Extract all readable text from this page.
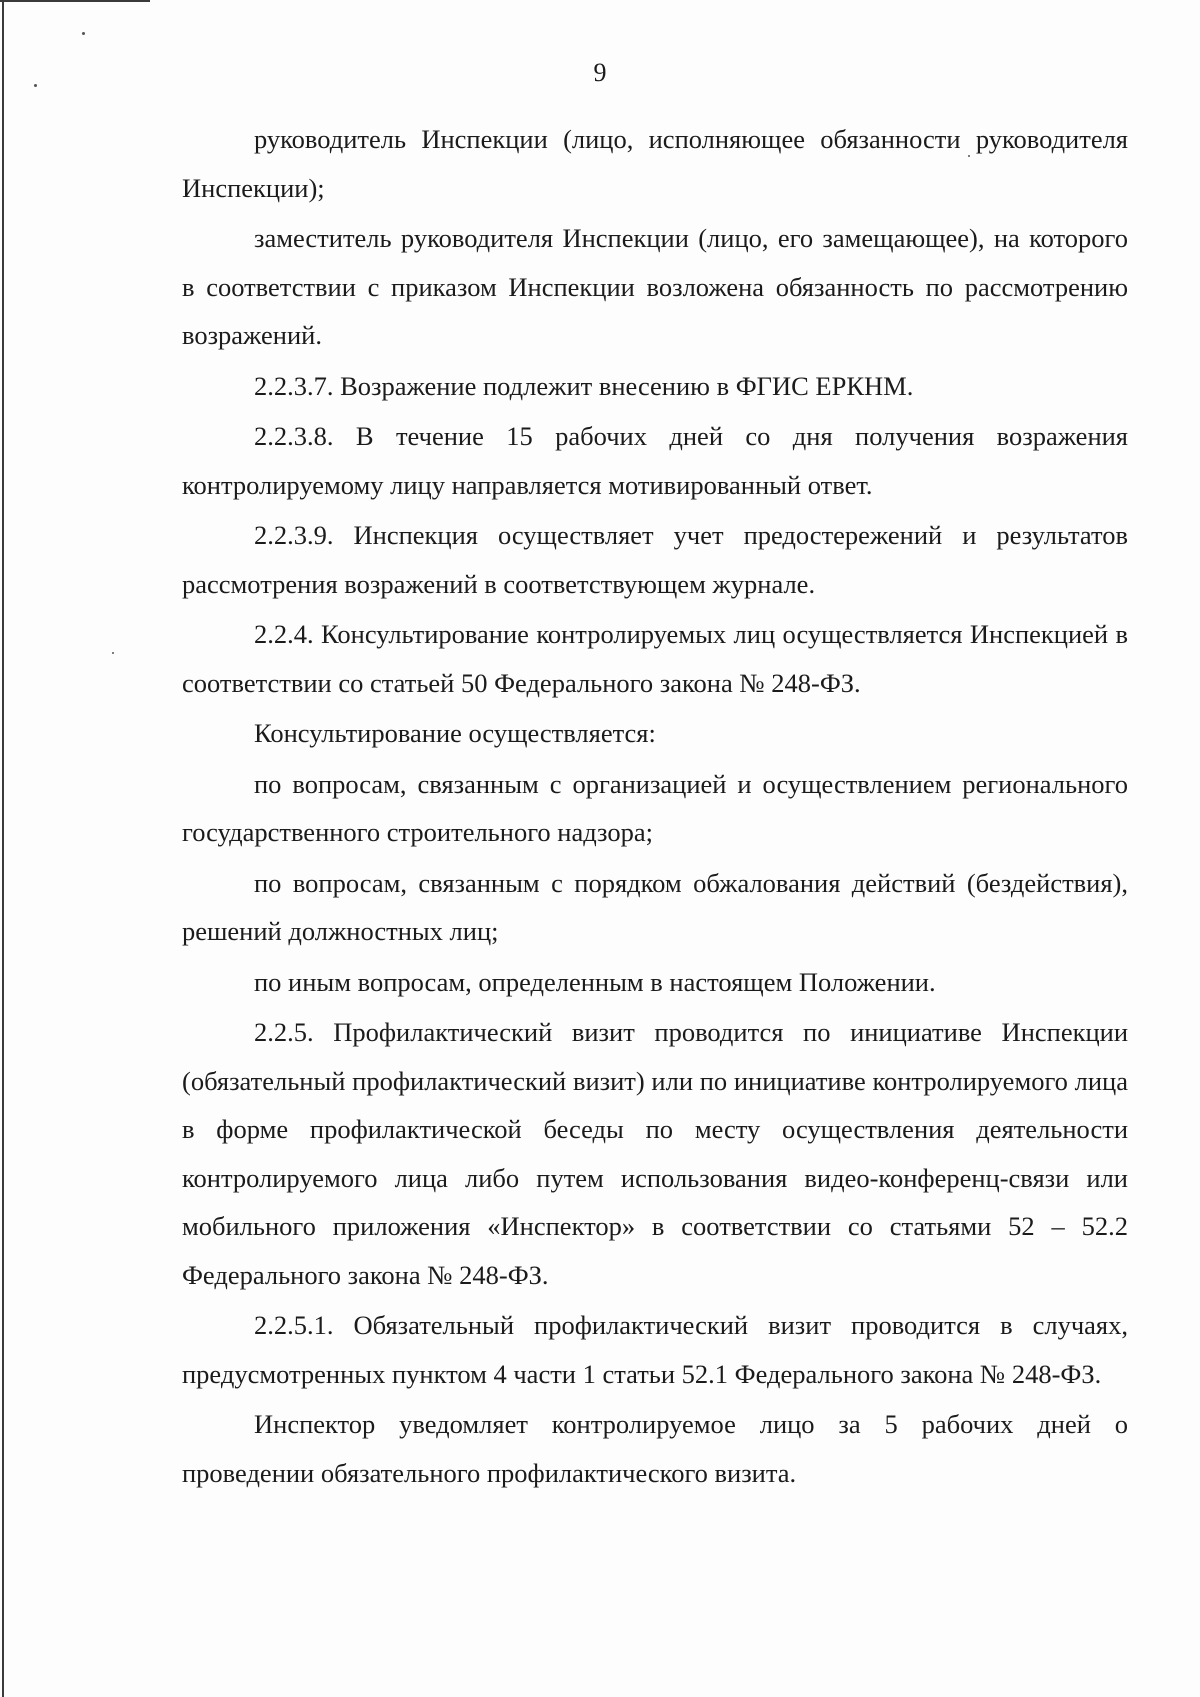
9

руководитель Инспекции (лицо, исполняющее обязанности руководителя Инспекции);

заместитель руководителя Инспекции (лицо, его замещающее), на которого в соответствии с приказом Инспекции возложена обязанность по рассмотрению возражений.

2.2.3.7. Возражение подлежит внесению в ФГИС ЕРКНМ.

2.2.3.8. В течение 15 рабочих дней со дня получения возражения контролируемому лицу направляется мотивированный ответ.

2.2.3.9. Инспекция осуществляет учет предостережений и результатов рассмотрения возражений в соответствующем журнале.

2.2.4. Консультирование контролируемых лиц осуществляется Инспекцией в соответствии со статьей 50 Федерального закона № 248-ФЗ.

Консультирование осуществляется:

по вопросам, связанным с организацией и осуществлением регионального государственного строительного надзора;

по вопросам, связанным с порядком обжалования действий (бездействия), решений должностных лиц;

по иным вопросам, определенным в настоящем Положении.

2.2.5. Профилактический визит проводится по инициативе Инспекции (обязательный профилактический визит) или по инициативе контролируемого лица в форме профилактической беседы по месту осуществления деятельности контролируемого лица либо путем использования видео-конференц-связи или мобильного приложения «Инспектор» в соответствии со статьями 52 – 52.2 Федерального закона № 248-ФЗ.

2.2.5.1. Обязательный профилактический визит проводится в случаях, предусмотренных пунктом 4 части 1 статьи 52.1 Федерального закона № 248-ФЗ.

Инспектор уведомляет контролируемое лицо за 5 рабочих дней о проведении обязательного профилактического визита.
